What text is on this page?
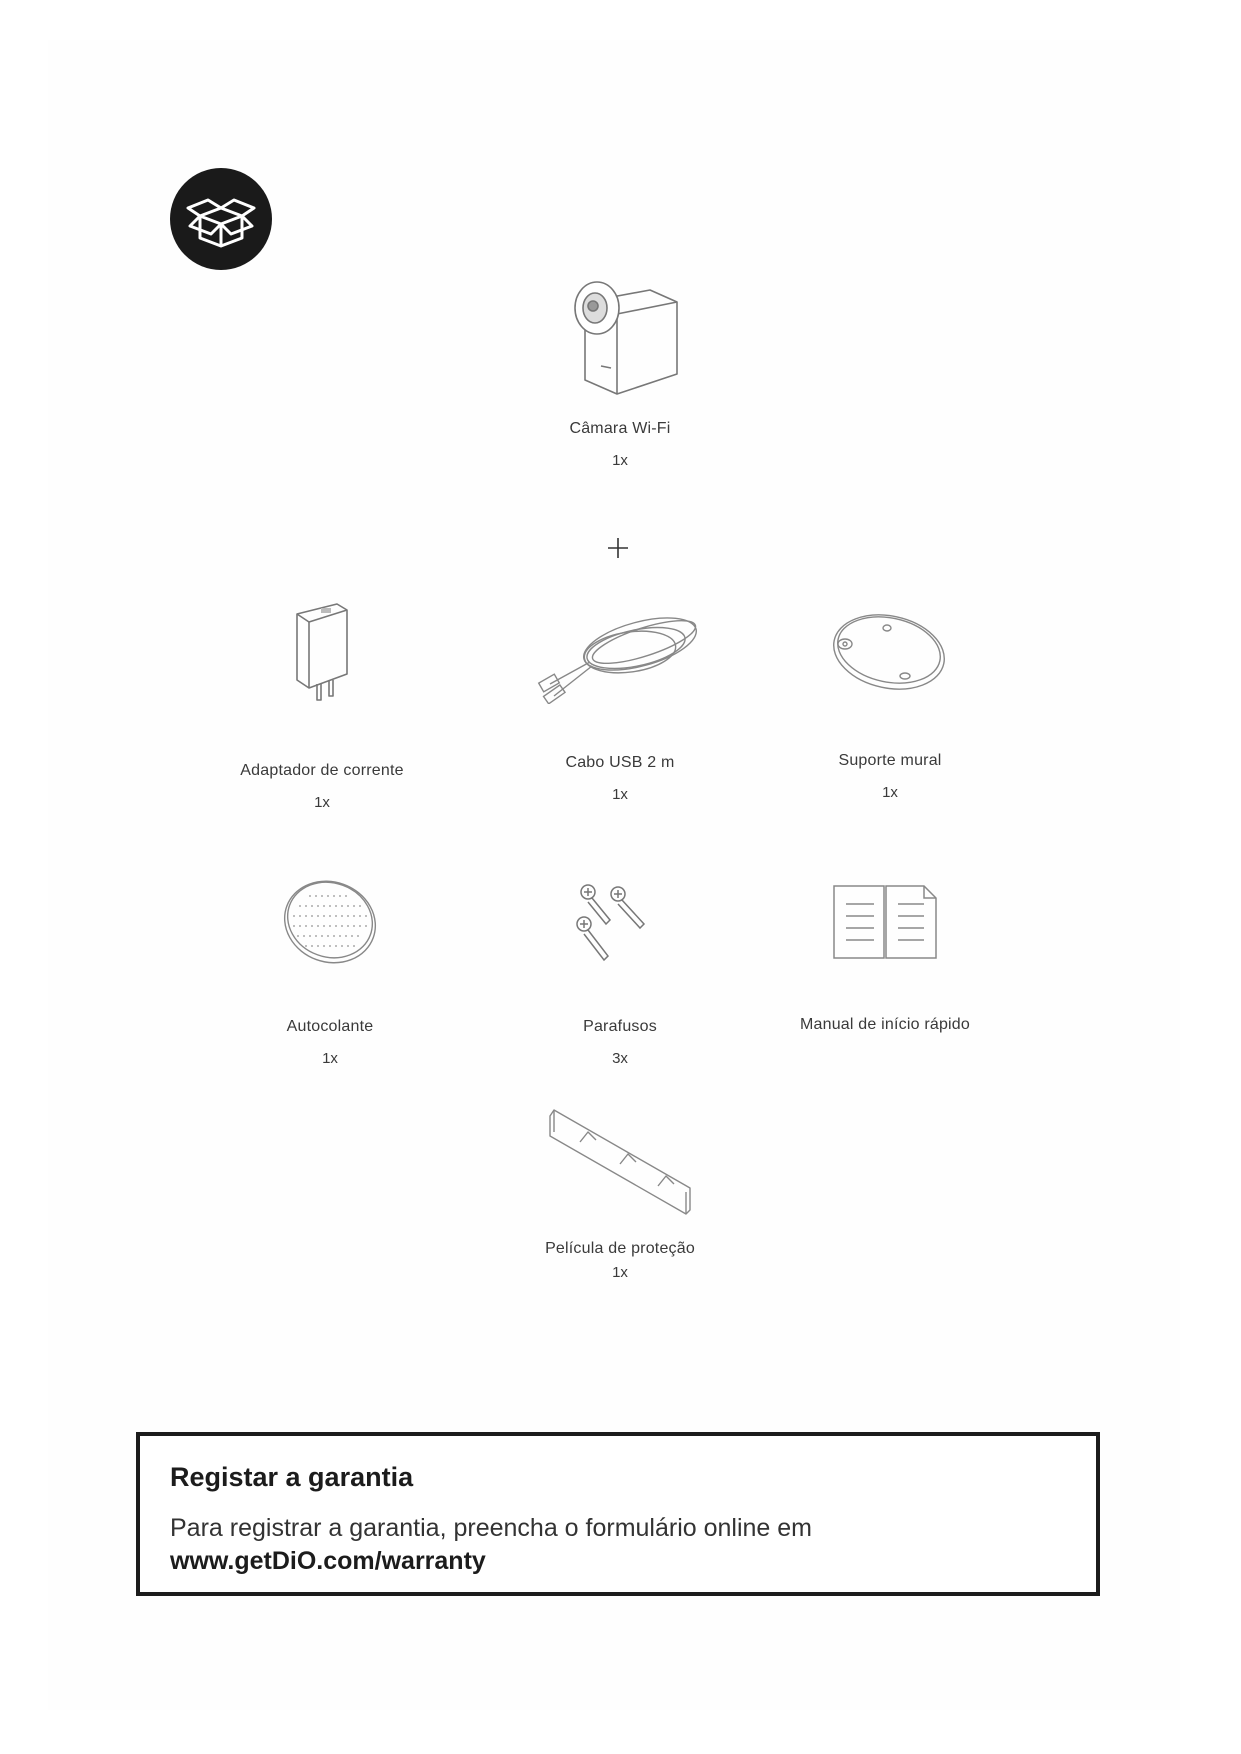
Câmara Wi-Fi
1x
Adaptador de corrente
1x
Cabo USB 2 m
1x
Suporte mural
1x
Autocolante
1x
Parafusos
3x
Manual de início rápido
Película de proteção
1x
Registar a garantia
Para registrar a garantia, preencha o formulário online em
www.getDiO.com/warranty
